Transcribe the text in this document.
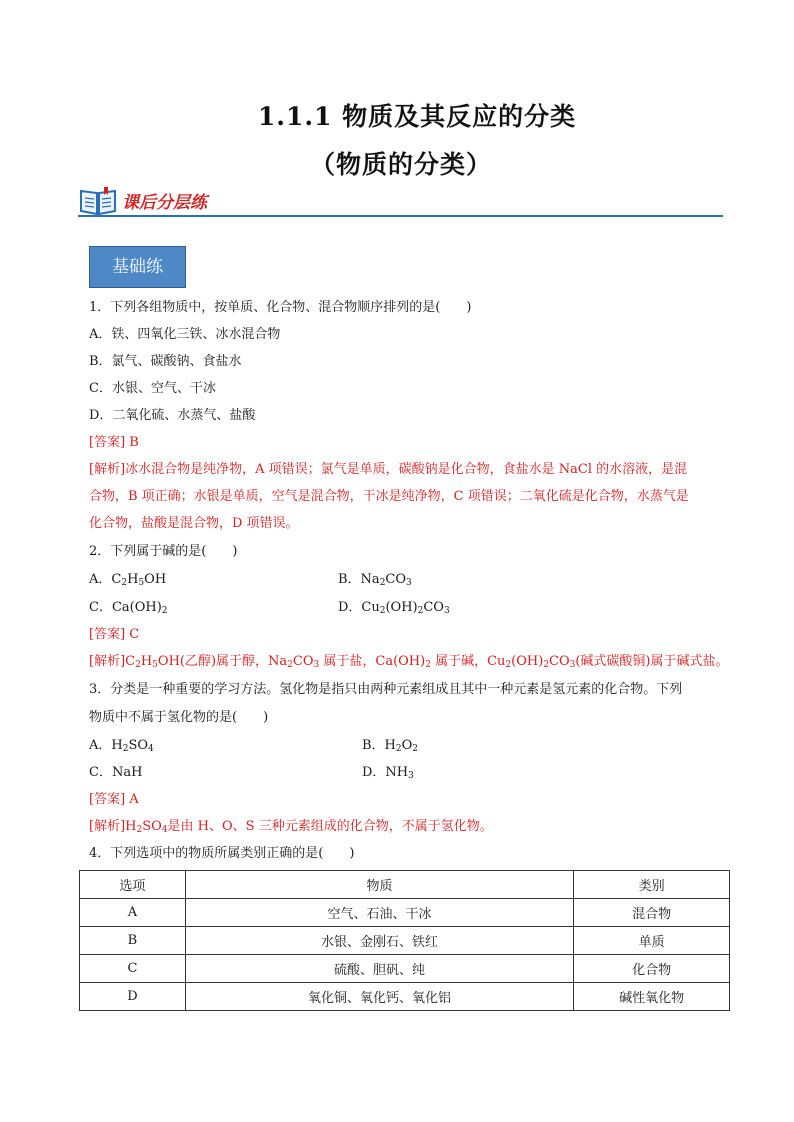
1.1.1 物质及其反应的分类
（物质的分类）
课后分层练
基础练
1．下列各组物质中，按单质、化合物、混合物顺序排列的是(　　)
A．铁、四氧化三铁、冰水混合物
B．氯气、碳酸钠、食盐水
C．水银、空气、干冰
D．二氧化硫、水蒸气、盐酸
[答案] B
[解析]冰水混合物是纯净物，A 项错误；氯气是单质，碳酸钠是化合物，食盐水是 NaCl 的水溶液，是混
合物，B 项正确；水银是单质，空气是混合物，干冰是纯净物，C 项错误；二氧化硫是化合物，水蒸气是
化合物，盐酸是混合物，D 项错误。
2．下列属于碱的是(　　)
A．$C_2H_5OH$	B．$Na_2CO_3$
C．$Ca(OH)_2$	D．$Cu_2(OH)_2CO_3$
[答案] C
[解析]$C_2H_5OH$(乙醇)属于醇，$Na_2CO_3$ 属于盐，$Ca(OH)_2$ 属于碱，$Cu_2(OH)_2CO_3$(碱式碳酸铜)属于碱式盐。
3．分类是一种重要的学习方法。氢化物是指只由两种元素组成且其中一种元素是氢元素的化合物。下列
物质中不属于氢化物的是(　　)
A．$H_2SO_4$	B．$H_2O_2$
C．NaH	D．$NH_3$
[答案] A
[解析]$H_2SO_4$是由 H、O、S 三种元素组成的化合物，不属于氢化物。
4．下列选项中的物质所属类别正确的是(　　)
选项	物质	类别
A	空气、石油、干冰	混合物
B	水银、金刚石、铁红	单质
C	硫酸、胆矾、纯	化合物
D	氧化铜、氧化钙、氧化铝	碱性氧化物
